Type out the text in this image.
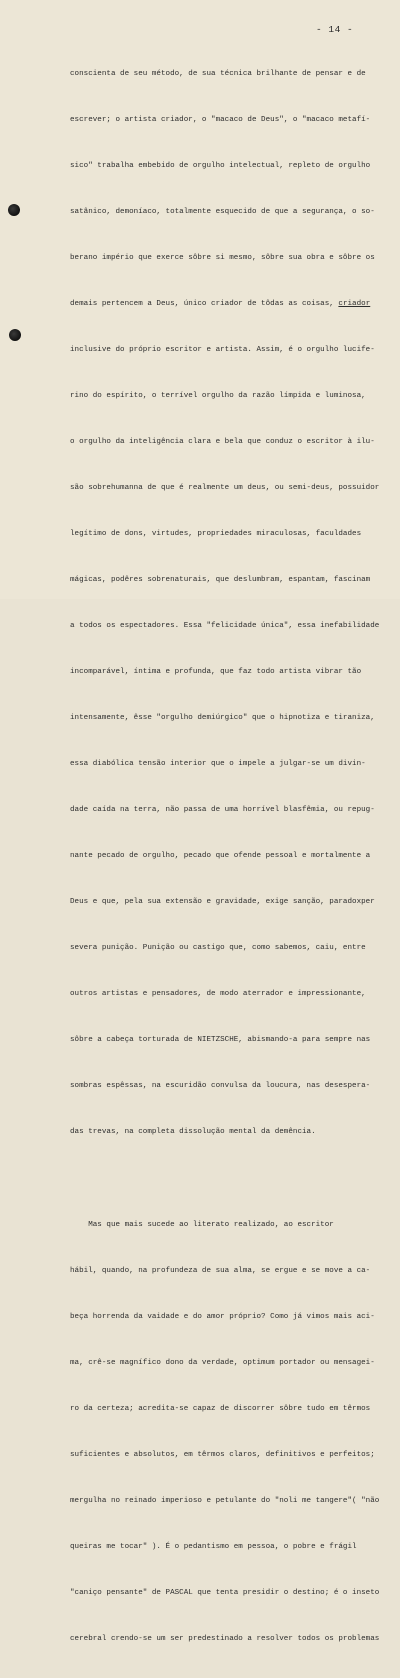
- 14 -

conscienta de seu método, de sua técnica brilhante de pensar e de

escrever; o artista criador, o "macaco de Deus", o "macaco metafí-

sico" trabalha embebido de orgulho intelectual, repleto de orgulho

satânico, demoníaco, totalmente esquecido de que a segurança, o so-

berano império que exerce sôbre si mesmo, sôbre sua obra e sôbre os

demais pertencem a Deus, único criador de tôdas as coisas, criador

inclusive do próprio escritor e artista. Assim, é o orgulho lucife-

rino do espírito, o terrível orgulho da razão límpida e luminosa,

o orgulho da inteligência clara e bela que conduz o escritor à ilu-

são sobrehumanna de que é realmente um deus, ou semi-deus, possuidor

legítimo de dons, virtudes, propriedades miraculosas, faculdades

mágicas, podêres sobrenaturais, que deslumbram, espantam, fascinam

a todos os espectadores. Essa "felicidade única", essa inefabilidade

incomparável, íntima e profunda, que faz todo artista vibrar tão

intensamente, êsse "orgulho demiúrgico" que o hipnotiza e tiraniza,

essa diabólica tensão interior que o impele a julgar-se um divin-

dade caída na terra, não passa de uma horrível blasfêmia, ou repug-

nante pecado de orgulho, pecado que ofende pessoal e mortalmente a

Deus e que, pela sua extensão e gravidade, exige sanção, paradoxper

severa punição. Punição ou castigo que, como sabemos, caiu, entre

outros artistas e pensadores, de modo aterrador e impressionante,

sôbre a cabeça torturada de NIETZSCHE, abismando-a para sempre nas

sombras espêssas, na escuridão convulsa da loucura, nas desespera-

das trevas, na completa dissolução mental da demência.

Mas que mais sucede ao literato realizado, ao escritor

hábil, quando, na profundeza de sua alma, se ergue e se move a ca-

beça horrenda da vaidade e do amor próprio? Como já vimos mais aci-

ma, crê-se magnífico dono da verdade, optimum portador ou mensagei-

ro da certeza; acredita-se capaz de discorrer sôbre tudo em têrmos

suficientes e absolutos, em têrmos claros, definitivos e perfeitos;

mergulha no reinado imperioso e petulante do "noli me tangere"( "não

queiras me tocar" ). É o pedantismo em pessoa, o pobre e frágil

"caniço pensante" de PASCAL que tenta presidir o destino; é o inseto

cerebral crendo-se um ser predestinado a resolver todos os problemas
